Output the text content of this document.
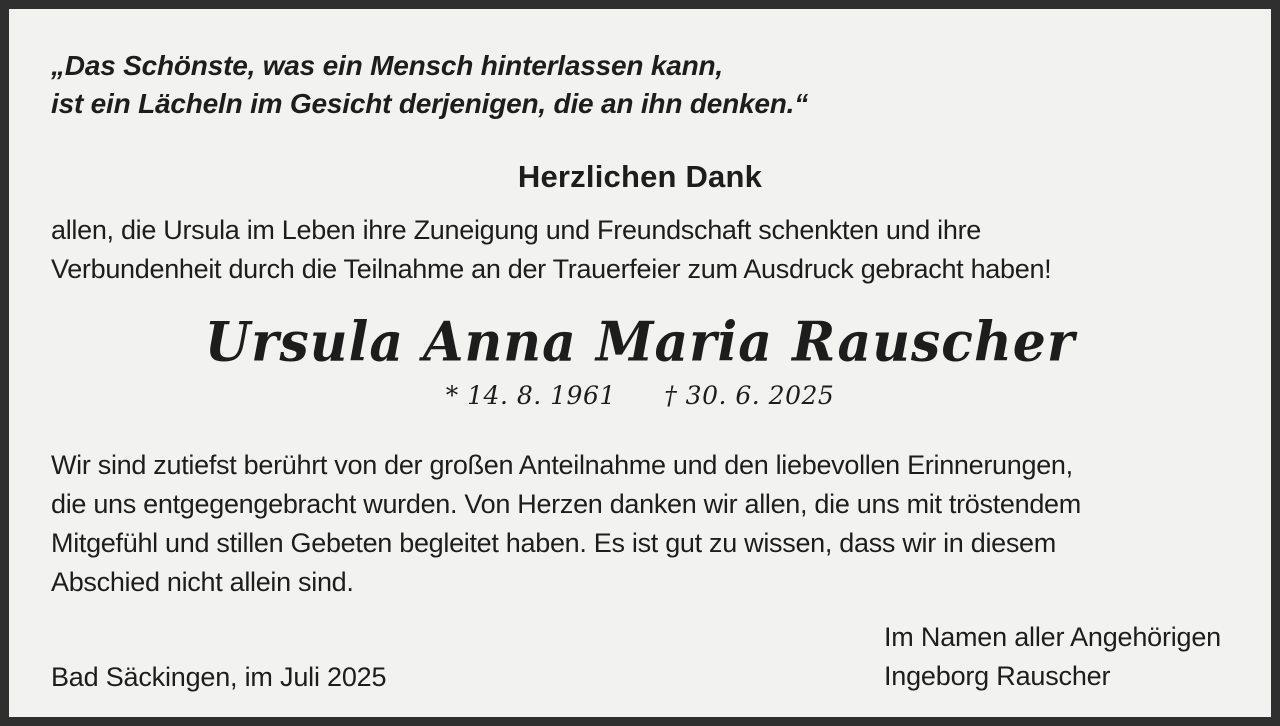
„Das Schönste, was ein Mensch hinterlassen kann,
ist ein Lächeln im Gesicht derjenigen, die an ihn denken.“
Herzlichen Dank
allen, die Ursula im Leben ihre Zuneigung und Freundschaft schenkten und ihre
Verbundenheit durch die Teilnahme an der Trauerfeier zum Ausdruck gebracht haben!
Ursula Anna Maria Rauscher
* 14. 8. 1961 † 30. 6. 2025
Wir sind zutiefst berührt von der großen Anteilnahme und den liebevollen Erinnerungen,
die uns entgegengebracht wurden. Von Herzen danken wir allen, die uns mit tröstendem
Mitgefühl und stillen Gebeten begleitet haben. Es ist gut zu wissen, dass wir in diesem
Abschied nicht allein sind.
Bad Säckingen, im Juli 2025
Im Namen aller Angehörigen
Ingeborg Rauscher
